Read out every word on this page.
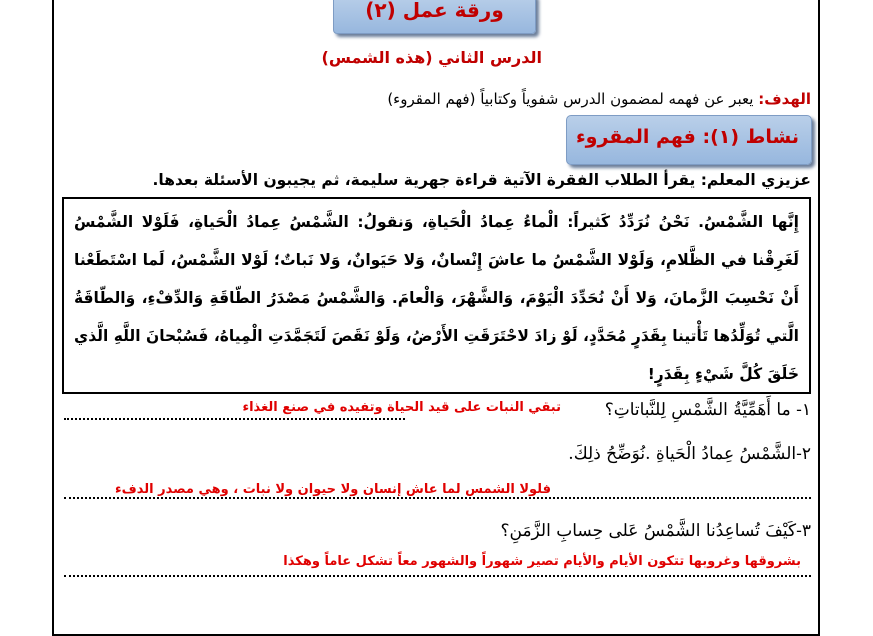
ورقة عمل (٢)
الدرس الثاني (هذه الشمس)
الهدف: يعبر عن فهمه لمضمون الدرس شفوياً وكتابياً (فهم المقروء)
نشاط (١): فهم المقروء
عزيزي المعلم: يقرأ الطلاب الفقرة الآتية قراءة جهرية سليمة، ثم يجيبون الأسئلة بعدها.
إِنَّها الشَّمْسُ. نَحْنُ نُرَدِّدُ كَثيراً: الْماءُ عِمادُ الْحَياةِ، وَنقولُ: الشَّمْسُ عِمادُ الْحَياةِ، فَلَوْلا الشَّمْسُ لَغَرِقْنا في الظَّلامِ، وَلَوْلا الشَّمْسُ ما عاشَ إِنْسانٌ، وَلا حَيَوانٌ، وَلا نَباتٌ؛ لَوْلا الشَّمْسُ، لَما اسْتَطَعْنا أَنْ نَحْسِبَ الزَّمانَ، وَلا أَنْ نُحَدِّدَ الْيَوْمَ، وَالشَّهْرَ، وَالْعامَ. وَالشَّمْسُ مَصْدَرُ الطّاقَةِ وَالدِّفْءِ، وَالطّاقَةُ الَّتي تُوَلِّدُها تَأْتينا بِقَدَرٍ مُحَدَّدٍ، لَوْ زادَ لاحْتَرَقَتِ الأَرْضُ، وَلَوْ نَقَصَ لَتَجَمَّدَتِ الْمِياهُ، فَسُبْحانَ اللَّهِ الَّذي خَلَقَ كُلَّ شَيْءٍ بِقَدَرٍ!
١- ما أَهَمِّيَّةُ الشَّمْسِ لِلنَّباتاتِ؟
تبقي النبات على قيد الحياة وتفيده في صنع الغذاء
٢-الشَّمْسُ عِمادُ الْحَياةِ .نُوَضِّحُ ذلِكَ.
فلولا الشمس لما عاش إنسان ولا حيوان ولا نبات ، وهي مصدر الدفء
٣-كَيْفَ تُساعِدُنا الشَّمْسُ عَلى حِسابِ الزَّمَنِ؟
بشروقها وغروبها تتكون الأيام والأيام تصير شهوراً والشهور معاً تشكل عاماً وهكذا
